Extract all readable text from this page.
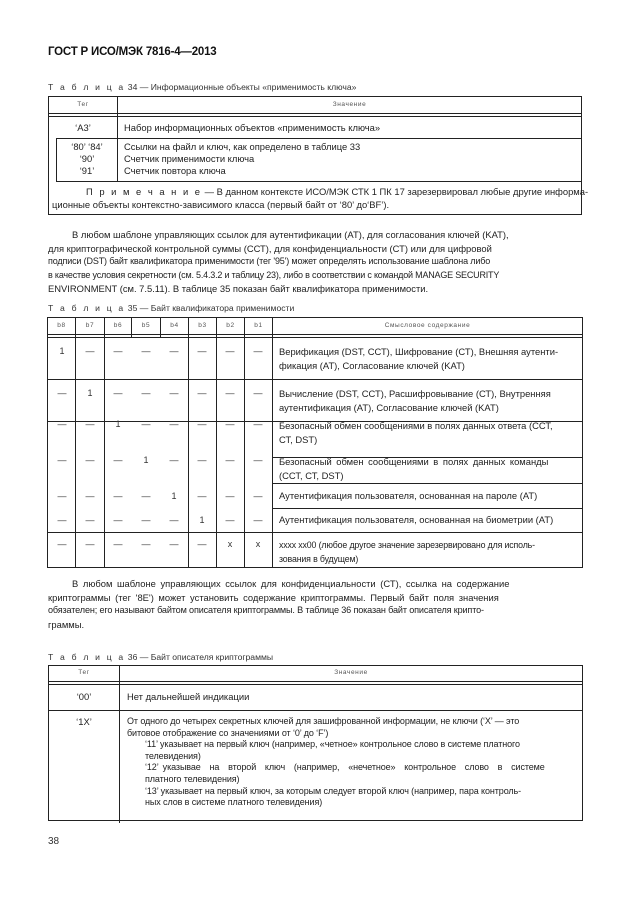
ГОСТ Р ИСО/МЭК 7816-4—2013
Т а б л и ц а 34 — Информационные объекты «применимость ключа»
Тег	Значение
‘A3’	Набор информационных объектов «применимость ключа»
‘80’ ‘84’	Ссылки на файл и ключ, как определено в таблице 33
‘90’	Счетчик применимости ключа
‘91’	Счетчик повтора ключа
П р и м е ч а н и е — В данном контексте ИСО/МЭК СТК 1 ПК 17 зарезервировал любые другие информа-
ционные объекты контекстно-зависимого класса (первый байт от ‘80’ до‘BF’).
В любом шаблоне управляющих ссылок для аутентификации (AT), для согласования ключей (KAT),
для криптографической контрольной суммы (ССТ), для конфиденциальности (СТ) или для цифровой
подписи (DST) байт квалификатора применимости (тег '95') может определять использование шаблона либо
в качестве условия секретности (см. 5.4.3.2 и таблицу 23), либо в соответствии с командой MANAGE SECURITY
ENVIRONMENT (см. 7.5.11). В таблице 35 показан байт квалификатора применимости.
Т а б л и ц а 35 — Байт квалификатора применимости
b8	b7	b6	b5	b4	b3	b2	b1	Смысловое содержание
1	—	—	—	—	—	—	—	Верификация (DST, ССТ), Шифрование (СТ), Внешняя аутенти-
фикация (AT), Согласование ключей (KAT)
—	1	—	—	—	—	—	—	Вычисление (DST, ССТ), Расшифровывание (СТ), Внутренняя
аутентификация (AT), Согласование ключей (KAT)
—	—	1	—	—	—	—	—	Безопасный обмен сообщениями в полях данных ответа (ССТ,
СТ, DST)
—	—	—	1	—	—	—	—	Безопасный обмен сообщениями в полях данных команды
(ССТ, СТ, DST)
—	—	—	—	1	—	—	—	Аутентификация пользователя, основанная на пароле (AT)
—	—	—	—	—	1	—	—	Аутентификация пользователя, основанная на биометрии (AT)
—	—	—	—	—	—	x	x	xxxx xx00 (любое другое значение зарезервировано для исполь-
зования в будущем)
В любом шаблоне управляющих ссылок для конфиденциальности (СТ), ссылка на содержание
криптограммы (тег '8E') может установить содержание криптограммы. Первый байт поля значения
обязателен; его называют байтом описателя криптограммы. В таблице 36 показан байт описателя крипто-
граммы.
Т а б л и ц а 36 — Байт описателя криптограммы
Тег	Значение
‘00’	Нет дальнейшей индикации
‘1X’	От одного до четырех секретных ключей для зашифрованной информации, не ключи (‘X’ — это
битовое отображение со значениями от ‘0’ до ‘F’)
‘11’ указывает на первый ключ (например, «четное» контрольное слово в системе платного
телевидения)
‘12’ указывае  на  второй  ключ  (например,  «нечетное»  контрольное  слово  в  системе
платного телевидения)
‘13’ указывает на первый ключ, за которым следует второй ключ (например, пара контроль-
ных слов в системе платного телевидения)
38
